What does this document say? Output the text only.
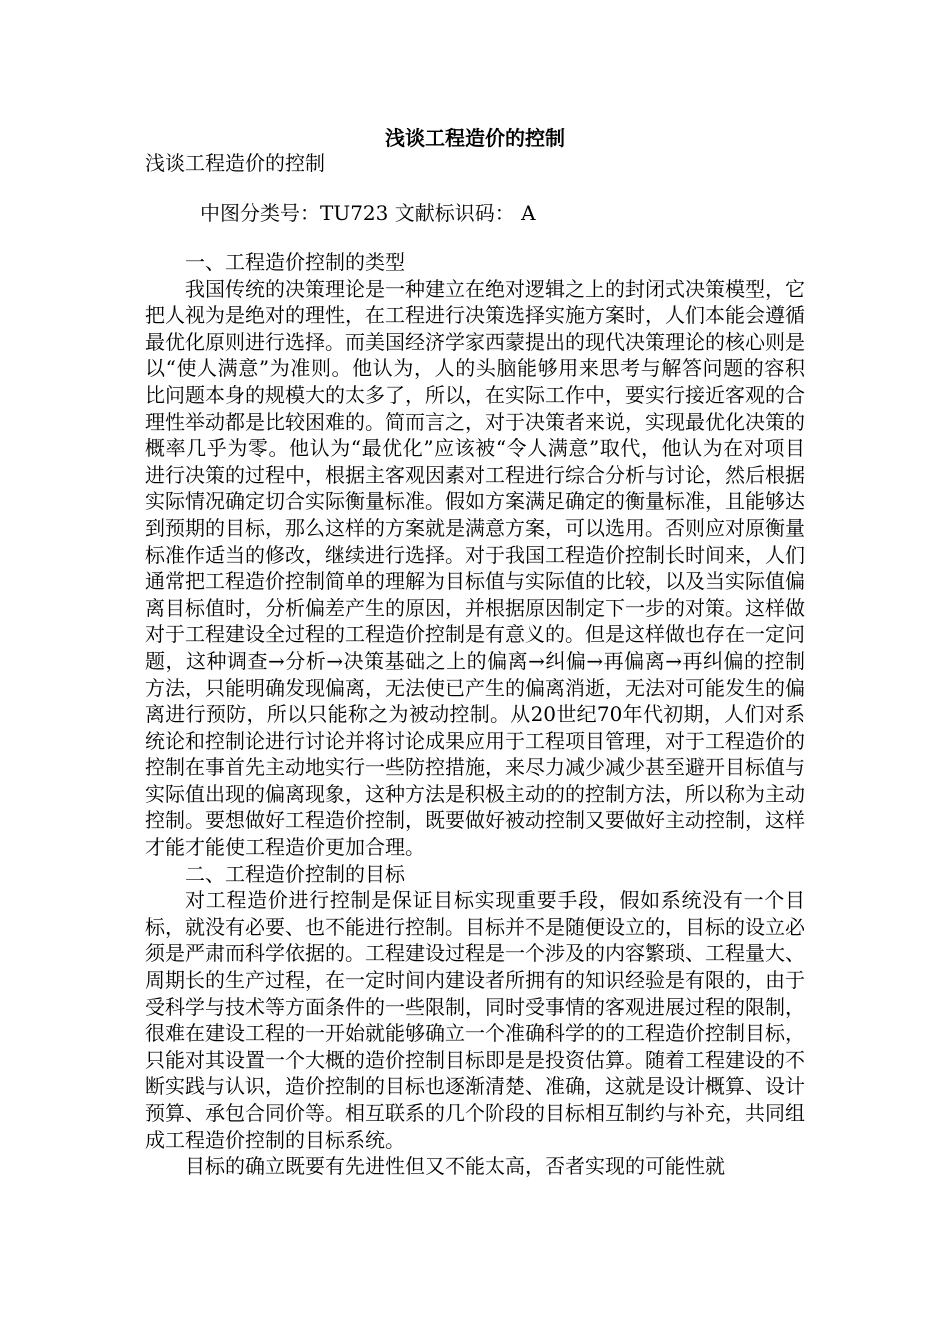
浅谈工程造价的控制
浅谈工程造价的控制
中图分类号：TU723 文献标识码： A
一、工程造价控制的类型

我国传统的决策理论是一种建立在绝对逻辑之上的封闭式决策模型，它把人视为是绝对的理性，在工程进行决策选择实施方案时，人们本能会遵循最优化原则进行选择。而美国经济学家西蒙提出的现代决策理论的核心则是以“使人满意”为准则。他认为，人的头脑能够用来思考与解答问题的容积比问题本身的规模大的太多了，所以，在实际工作中，要实行接近客观的合理性举动都是比较困难的。简而言之，对于决策者来说，实现最优化决策的概率几乎为零。他认为“最优化”应该被“令人满意”取代，他认为在对项目进行决策的过程中，根据主客观因素对工程进行综合分析与讨论，然后根据实际情况确定切合实际衡量标准。假如方案满足确定的衡量标准，且能够达到预期的目标，那么这样的方案就是满意方案，可以选用。否则应对原衡量标准作适当的修改，继续进行选择。对于我国工程造价控制长时间来，人们通常把工程造价控制简单的理解为目标值与实际值的比较，以及当实际值偏离目标值时，分析偏差产生的原因，并根据原因制定下一步的对策。这样做对于工程建设全过程的工程造价控制是有意义的。但是这样做也存在一定问题，这种调查→分析→决策基础之上的偏离→纠偏→再偏离→再纠偏的控制方法，只能明确发现偏离，无法使已产生的偏离消逝，无法对可能发生的偏离进行预防，所以只能称之为被动控制。从20世纪70年代初期，人们对系统论和控制论进行讨论并将讨论成果应用于工程项目管理，对于工程造价的控制在事首先主动地实行一些防控措施，来尽力减少减少甚至避开目标值与实际值出现的偏离现象，这种方法是积极主动的的控制方法，所以称为主动控制。要想做好工程造价控制，既要做好被动控制又要做好主动控制，这样才能才能使工程造价更加合理。

二、工程造价控制的目标

对工程造价进行控制是保证目标实现重要手段，假如系统没有一个目标，就没有必要、也不能进行控制。目标并不是随便设立的，目标的设立必须是严肃而科学依据的。工程建设过程是一个涉及的内容繁琐、工程量大、周期长的生产过程，在一定时间内建设者所拥有的知识经验是有限的，由于受科学与技术等方面条件的一些限制，同时受事情的客观进展过程的限制，很难在建设工程的一开始就能够确立一个准确科学的的工程造价控制目标，只能对其设置一个大概的造价控制目标即是是投资估算。随着工程建设的不断实践与认识，造价控制的目标也逐渐清楚、准确，这就是设计概算、设计预算、承包合同价等。相互联系的几个阶段的目标相互制约与补充，共同组成工程造价控制的目标系统。

目标的确立既要有先进性但又不能太高，否者实现的可能性就
